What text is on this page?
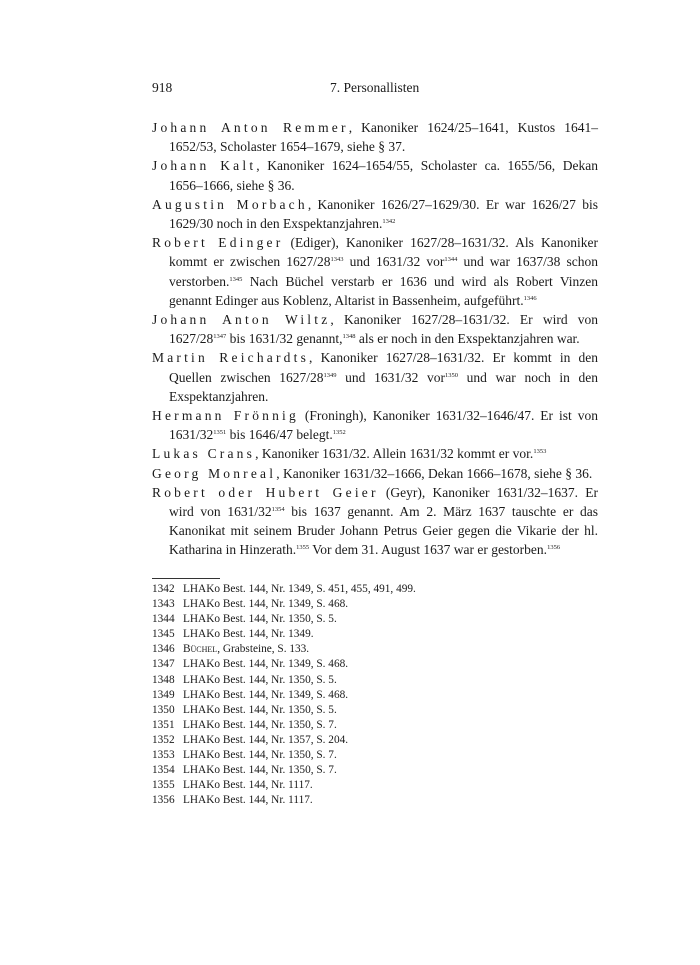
918	7. Personallisten

Johann Anton Remmer, Kanoniker 1624/25–1641, Kustos 1641–1652/53, Scholaster 1654–1679, siehe § 37.

Johann Kalt, Kanoniker 1624–1654/55, Scholaster ca. 1655/56, Dekan 1656–1666, siehe § 36.

Augustin Morbach, Kanoniker 1626/27–1629/30. Er war 1626/27 bis 1629/30 noch in den Exspektanzjahren.$^{1342}$

Robert Edinger (Ediger), Kanoniker 1627/28–1631/32. Als Kanoniker kommt er zwischen $1627/28^{1343}$ und 1631/32 vor$^{1344}$ und war 1637/38 schon verstorben.$^{1345}$ Nach Büchel verstarb er 1636 und wird als Robert Vinzen genannt Edinger aus Koblenz, Altarist in Bassenheim, aufgeführt.$^{1346}$

Johann Anton Wiltz, Kanoniker 1627/28–1631/32. Er wird von $1627/28^{1347}$ bis 1631/32 genannt,$^{1348}$ als er noch in den Exspektanzjahren war.

Martin Reichardts, Kanoniker 1627/28–1631/32. Er kommt in den Quellen zwischen $1627/28^{1349}$ und 1631/32 vor$^{1350}$ und war noch in den Exspektanzjahren.

Hermann Frönnig (Froningh), Kanoniker 1631/32–1646/47. Er ist von $1631/32^{1351}$ bis 1646/47 belegt.$^{1352}$

Lukas Crans, Kanoniker 1631/32. Allein 1631/32 kommt er vor.$^{1353}$

Georg Monreal, Kanoniker 1631/32–1666, Dekan 1666–1678, siehe § 36.

Robert oder Hubert Geier (Geyr), Kanoniker 1631/32–1637. Er wird von $1631/32^{1354}$ bis 1637 genannt. Am 2. März 1637 tauschte er das Kanonikat mit seinem Bruder Johann Petrus Geier gegen die Vikarie der hl. Katharina in Hinzerath.$^{1355}$ Vor dem 31. August 1637 war er gestorben.$^{1356}$

1342 LHAKo Best. 144, Nr. 1349, S. 451, 455, 491, 499.
1343 LHAKo Best. 144, Nr. 1349, S. 468.
1344 LHAKo Best. 144, Nr. 1350, S. 5.
1345 LHAKo Best. 144, Nr. 1349.
1346 Büchel, Grabsteine, S. 133.
1347 LHAKo Best. 144, Nr. 1349, S. 468.
1348 LHAKo Best. 144, Nr. 1350, S. 5.
1349 LHAKo Best. 144, Nr. 1349, S. 468.
1350 LHAKo Best. 144, Nr. 1350, S. 5.
1351 LHAKo Best. 144, Nr. 1350, S. 7.
1352 LHAKo Best. 144, Nr. 1357, S. 204.
1353 LHAKo Best. 144, Nr. 1350, S. 7.
1354 LHAKo Best. 144, Nr. 1350, S. 7.
1355 LHAKo Best. 144, Nr. 1117.
1356 LHAKo Best. 144, Nr. 1117.
